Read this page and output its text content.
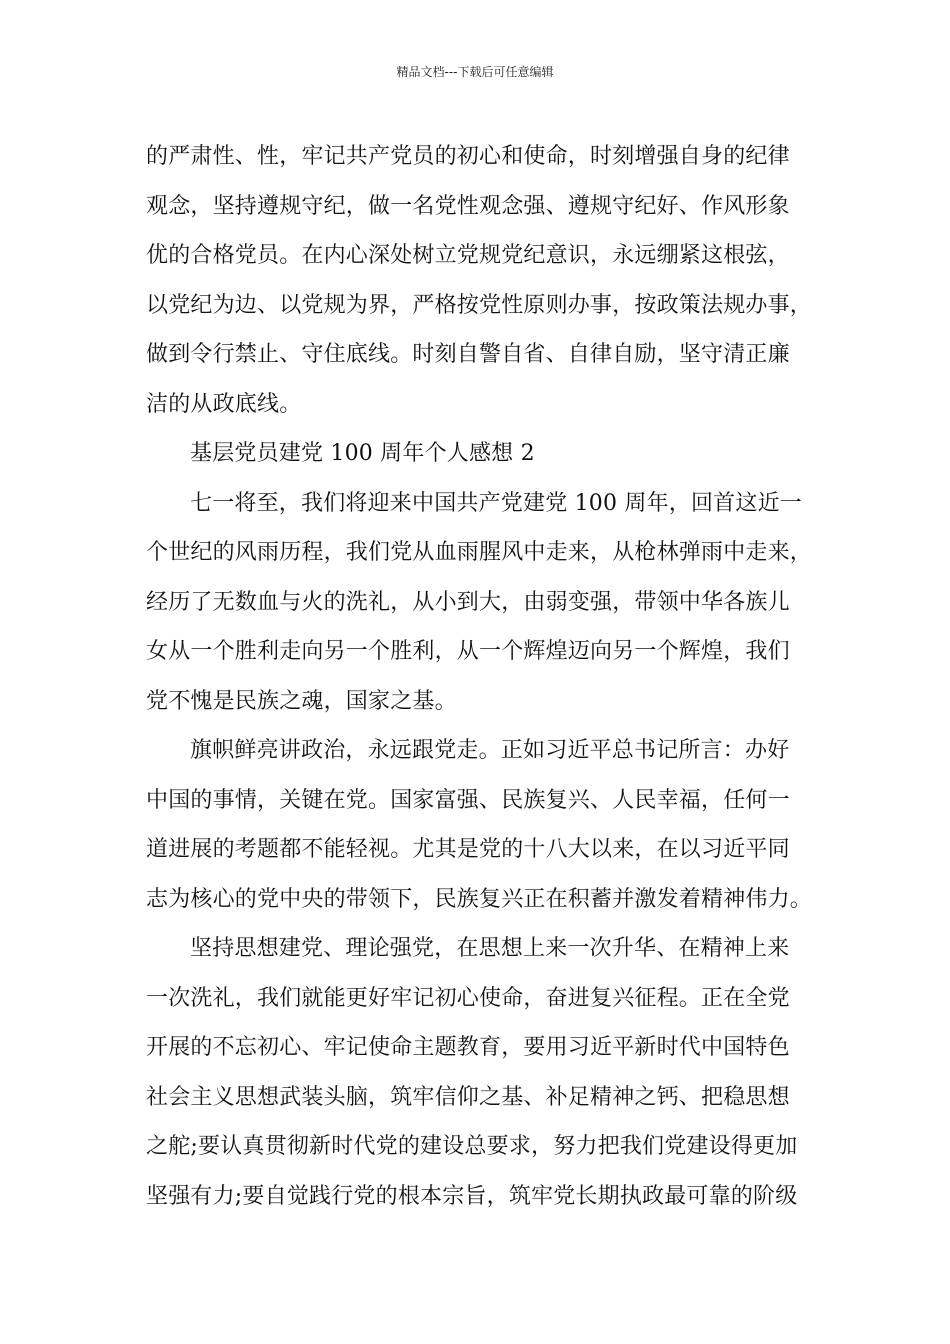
精品文档---下载后可任意编辑
的严肃性、性，牢记共产党员的初心和使命，时刻增强自身的纪律
观念，坚持遵规守纪，做一名党性观念强、遵规守纪好、作风形象
优的合格党员。在内心深处树立党规党纪意识，永远绷紧这根弦，
以党纪为边、以党规为界，严格按党性原则办事，按政策法规办事，
做到令行禁止、守住底线。时刻自警自省、自律自励，坚守清正廉
洁的从政底线。
基层党员建党 100 周年个人感想 2
七一将至，我们将迎来中国共产党建党 100 周年，回首这近一
个世纪的风雨历程，我们党从血雨腥风中走来，从枪林弹雨中走来，
经历了无数血与火的洗礼，从小到大，由弱变强，带领中华各族儿
女从一个胜利走向另一个胜利，从一个辉煌迈向另一个辉煌，我们
党不愧是民族之魂，国家之基。
旗帜鲜亮讲政治，永远跟党走。正如习近平总书记所言：办好
中国的事情，关键在党。国家富强、民族复兴、人民幸福，任何一
道进展的考题都不能轻视。尤其是党的十八大以来，在以习近平同
志为核心的党中央的带领下，民族复兴正在积蓄并激发着精神伟力。
坚持思想建党、理论强党，在思想上来一次升华、在精神上来
一次洗礼，我们就能更好牢记初心使命，奋进复兴征程。正在全党
开展的不忘初心、牢记使命主题教育，要用习近平新时代中国特色
社会主义思想武装头脑，筑牢信仰之基、补足精神之钙、把稳思想
之舵;要认真贯彻新时代党的建设总要求，努力把我们党建设得更加
坚强有力;要自觉践行党的根本宗旨，筑牢党长期执政最可靠的阶级
